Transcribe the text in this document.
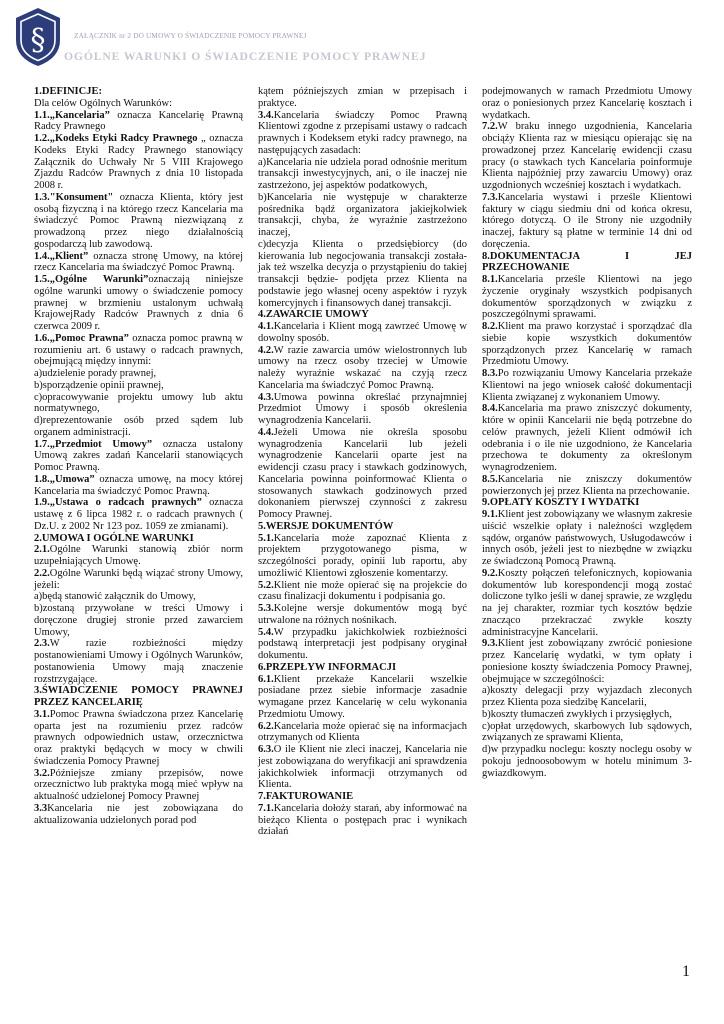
§	ZAŁĄCZNIK nr 2 DO UMOWY O ŚWIADCZENIE POMOCY PRAWNEJ
OGÓLNE WARUNKI O ŚWIADCZENIE POMOCY PRAWNEJ

1.DEFINICJE:

Dla celów Ogólnych Warunków:

1.1.„Kancelaria” oznacza Kancelarię Prawną Radcy Prawnego

1.2.„Kodeks Etyki Radcy Prawnego „ oznacza Kodeks Etyki Radcy Prawnego stanowiący Załącznik do Uchwały Nr 5 VIII Krajowego Zjazdu Radców Prawnych z dnia 10 listopada 2008 r.

1.3."Konsument" oznacza Klienta, który jest osobą fizyczną i na którego rzecz Kancelaria ma świadczyć Pomoc Prawną niezwiązaną z prowadzoną przez niego działalnością gospodarczą lub zawodową.

1.4.„Klient” oznacza stronę Umowy, na której rzecz Kancelaria ma świadczyć Pomoc Prawną.

1.5.„Ogólne Warunki”oznaczają niniejsze ogólne warunki umowy o świadczenie pomocy prawnej w brzmieniu ustalonym uchwałą KrajowejRady Radców Prawnych z dnia 6 czerwca 2009 r.

1.6.„Pomoc Prawna” oznacza pomoc prawną w rozumieniu art. 6 ustawy o radcach prawnych, obejmującą między innymi:

a)udzielenie porady prawnej,

b)sporządzenie opinii prawnej,

c)opracowywanie projektu umowy lub aktu normatywnego,

d)reprezentowanie osób przed sądem lub organem administracji.

1.7.„Przedmiot Umowy” oznacza ustalony Umową zakres zadań Kancelarii stanowiących Pomoc Prawną.

1.8.„Umowa” oznacza umowę, na mocy której Kancelaria ma świadczyć Pomoc Prawną.

1.9.„Ustawa o radcach prawnych” oznacza ustawę z 6 lipca 1982 r. o radcach prawnych ( Dz.U. z 2002 Nr 123 poz. 1059 ze zmianami).

2.UMOWA I OGÓLNE WARUNKI

2.1.Ogólne Warunki stanowią zbiór norm uzupełniających Umowę.

2.2.Ogólne Warunki będą wiązać strony Umowy, jeżeli:

a)będą stanowić załącznik do Umowy,

b)zostaną przywołane w treści Umowy i doręczone drugiej stronie przed zawarciem Umowy,

2.3.W razie rozbieżności między postanowieniami Umowy i Ogólnych Warunków, postanowienia Umowy mają znaczenie rozstrzygające.

3.ŚWIADCZENIE POMOCY PRAWNEJ PRZEZ KANCELARIĘ

3.1.Pomoc Prawna świadczona przez Kancelarię oparta jest na rozumieniu przez radców prawnych odpowiednich ustaw, orzecznictwa oraz praktyki będących w mocy w chwili świadczenia Pomocy Prawnej

3.2.Późniejsze zmiany przepisów, nowe orzecznictwo lub praktyka mogą mieć wpływ na aktualność udzielonej Pomocy Prawnej

3.3Kancelaria nie jest zobowiązana do aktualizowania udzielonych porad pod

kątem późniejszych zmian w przepisach i praktyce.

3.4.Kancelaria świadczy Pomoc Prawną Klientowi zgodne z przepisami ustawy o radcach prawnych i Kodeksem etyki radcy prawnego, na następujących zasadach:

a)Kancelaria nie udziela porad odnośnie meritum transakcji inwestycyjnych, ani, o ile inaczej nie zastrzeżono, jej aspektów podatkowych,

b)Kancelaria nie występuje w charakterze pośrednika bądź organizatora jakiejkolwiek transakcji, chyba, że wyraźnie zastrzeżono inaczej,

c)decyzja Klienta o przedsiębiorcy (do kierowania lub negocjowania transakcji została- jak też wszelka decyzja o przystąpieniu do takiej transakcji będzie- podjęta przez Klienta na podstawie jego własnej oceny aspektów i ryzyk komercyjnych i finansowych danej transakcji.

4.ZAWARCIE UMOWY

4.1.Kancelaria i Klient mogą zawrzeć Umowę w dowolny sposób.

4.2.W razie zawarcia umów wielostronnych lub umowy na rzecz osoby trzeciej w Umowie należy wyraźnie wskazać na czyją rzecz Kancelaria ma świadczyć Pomoc Prawną.

4.3.Umowa powinna określać przynajmniej Przedmiot Umowy i sposób określenia wynagrodzenia Kancelarii.

4.4.Jeżeli Umowa nie określa sposobu wynagrodzenia Kancelarii lub jeżeli wynagrodzenie Kancelarii oparte jest na ewidencji czasu pracy i stawkach godzinowych, Kancelaria powinna poinformować Klienta o stosowanych stawkach godzinowych przed dokonaniem pierwszej czynności z zakresu Pomocy Prawnej.

5.WERSJE DOKUMENTÓW

5.1.Kancelaria może zapoznać Klienta z projektem przygotowanego pisma, w szczególności porady, opinii lub raportu, aby umożliwić Klientowi zgłoszenie komentarzy.

5.2.Klient nie może opierać się na projekcie do czasu finalizacji dokumentu i podpisania go.

5.3.Kolejne wersje dokumentów mogą być utrwalone na różnych nośnikach.

5.4.W przypadku jakichkolwiek rozbieżności podstawą interpretacji jest podpisany oryginał dokumentu.

6.PRZEPŁYW INFORMACJI

6.1.Klient przekaże Kancelarii wszelkie posiadane przez siebie informacje zasadnie wymagane przez Kancelarię w celu wykonania Przedmiotu Umowy.

6.2.Kancelaria może opierać się na informacjach otrzymanych od Klienta

6.3.O ile Klient nie zleci inaczej, Kancelaria nie jest zobowiązana do weryfikacji ani sprawdzenia jakichkolwiek informacji otrzymanych od Klienta.

7.FAKTUROWANIE

7.1.Kancelaria dołoży starań, aby informować na bieżąco Klienta o postępach prac i wynikach działań

podejmowanych w ramach Przedmiotu Umowy oraz o poniesionych przez Kancelarię kosztach i wydatkach.

7.2.W braku innego uzgodnienia, Kancelaria obciąży Klienta raz w miesiącu opierając się na prowadzonej przez Kancelarię ewidencji czasu pracy (o stawkach tych Kancelaria poinformuje Klienta najpóźniej przy zawarciu Umowy) oraz uzgodnionych wcześniej kosztach i wydatkach.

7.3.Kancelaria wystawi i prześle Klientowi faktury w ciągu siedmiu dni od końca okresu, którego dotyczą. O ile Strony nie uzgodniły inaczej, faktury są płatne w terminie 14 dni od doręczenia.

8.DOKUMENTACJA I JEJ PRZECHOWANIE

8.1.Kancelaria prześle Klientowi na jego życzenie oryginały wszystkich podpisanych dokumentów sporządzonych w związku z poszczególnymi sprawami.

8.2.Klient ma prawo korzystać i sporządzać dla siebie kopie wszystkich dokumentów sporządzonych przez Kancelarię w ramach Przedmiotu Umowy.

8.3.Po rozwiązaniu Umowy Kancelaria przekaże Klientowi na jego wniosek całość dokumentacji Klienta związanej z wykonaniem Umowy.

8.4.Kancelaria ma prawo zniszczyć dokumenty, które w opinii Kancelarii nie będą potrzebne do celów prawnych, jeżeli Klient odmówił ich odebrania i o ile nie uzgodniono, że Kancelaria przechowa te dokumenty za określonym wynagrodzeniem.

8.5.Kancelaria nie zniszczy dokumentów powierzonych jej przez Klienta na przechowanie.

9.OPŁATY KOSZTY I WYDATKI

9.1.Klient jest zobowiązany we własnym zakresie uiścić wszelkie opłaty i należności względem sądów, organów państwowych, Usługodawców i innych osób, jeżeli jest to niezbędne w związku ze świadczoną Pomocą Prawną.

9.2.Koszty połączeń telefonicznych, kopiowania dokumentów lub korespondencji mogą zostać doliczone tylko jeśli w danej sprawie, ze względu na jej charakter, rozmiar tych kosztów będzie znacząco przekraczać zwykłe koszty administracyjne Kancelarii.

9.3.Klient jest zobowiązany zwrócić poniesione przez Kancelarię wydatki, w tym opłaty i poniesione koszty świadczenia Pomocy Prawnej, obejmujące w szczególności:

a)koszty delegacji przy wyjazdach zleconych przez Klienta poza siedzibę Kancelarii,

b)koszty tłumaczeń zwykłych i przysięgłych,

c)opłat urzędowych, skarbowych lub sądowych, związanych ze sprawami Klienta,

d)w przypadku noclegu: koszty noclegu osoby w pokoju jednoosobowym w hotelu minimum 3-gwiazdkowym.

1
